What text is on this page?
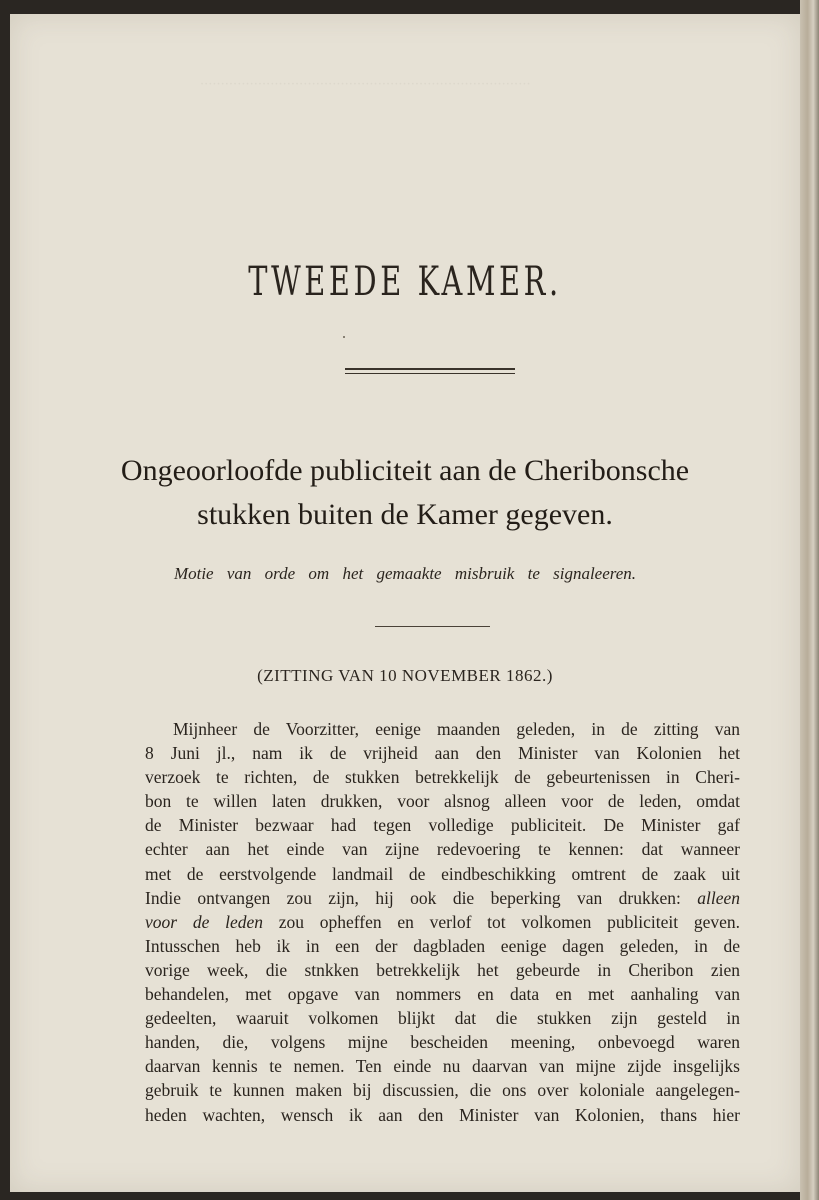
················································································
TWEEDE KAMER.
Ongeoorloofde publiciteit aan de Cheribonsche
stukken buiten de Kamer gegeven.
Motie van orde om het gemaakte misbruik te signaleeren.
(ZITTING VAN 10 NOVEMBER 1862.)
Mijnheer de Voorzitter, eenige maanden geleden, in de zitting van
8 Juni jl., nam ik de vrijheid aan den Minister van Kolonien het
verzoek te richten, de stukken betrekkelijk de gebeurtenissen in Cheri-
bon te willen laten drukken, voor alsnog alleen voor de leden, omdat
de Minister bezwaar had tegen volledige publiciteit. De Minister gaf
echter aan het einde van zijne redevoering te kennen: dat wanneer
met de eerstvolgende landmail de eindbeschikking omtrent de zaak uit
Indie ontvangen zou zijn, hij ook die beperking van drukken: alleen
voor de leden zou opheffen en verlof tot volkomen publiciteit geven.
Intusschen heb ik in een der dagbladen eenige dagen geleden, in de
vorige week, die stnkken betrekkelijk het gebeurde in Cheribon zien
behandelen, met opgave van nommers en data en met aanhaling van
gedeelten, waaruit volkomen blijkt dat die stukken zijn gesteld in
handen, die, volgens mijne bescheiden meening, onbevoegd waren
daarvan kennis te nemen. Ten einde nu daarvan van mijne zijde insgelijks
gebruik te kunnen maken bij discussien, die ons over koloniale aangelegen-
heden wachten, wensch ik aan den Minister van Kolonien, thans hier
